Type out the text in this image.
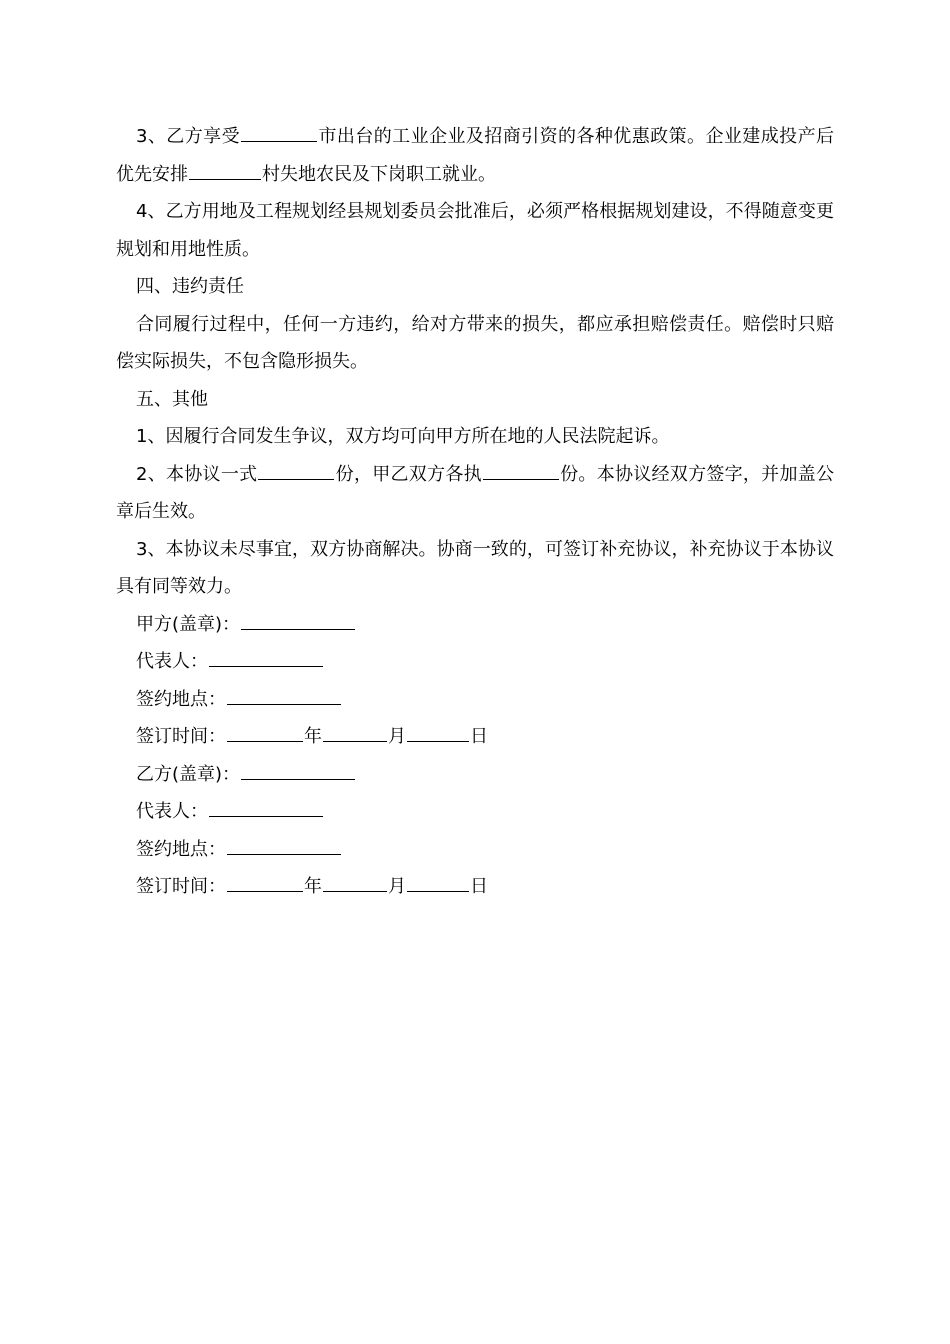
3、乙方享受	市出台的工业企业及招商引资的各种优惠政策。企业建成投产后优先安排	村失地农民及下岗职工就业。

4、乙方用地及工程规划经县规划委员会批准后，必须严格根据规划建设，不得随意变更规划和用地性质。

四、违约责任

合同履行过程中，任何一方违约，给对方带来的损失，都应承担赔偿责任。赔偿时只赔偿实际损失，不包含隐形损失。

五、其他

1、因履行合同发生争议，双方均可向甲方所在地的人民法院起诉。

2、本协议一式	份，甲乙双方各执	份。本协议经双方签字，并加盖公章后生效。

3、本协议未尽事宜，双方协商解决。协商一致的，可签订补充协议，补充协议于本协议具有同等效力。

甲方(盖章)：

代表人：

签约地点：

签订时间：	年	月	日

乙方(盖章)：

代表人：

签约地点：

签订时间：	年	月	日
